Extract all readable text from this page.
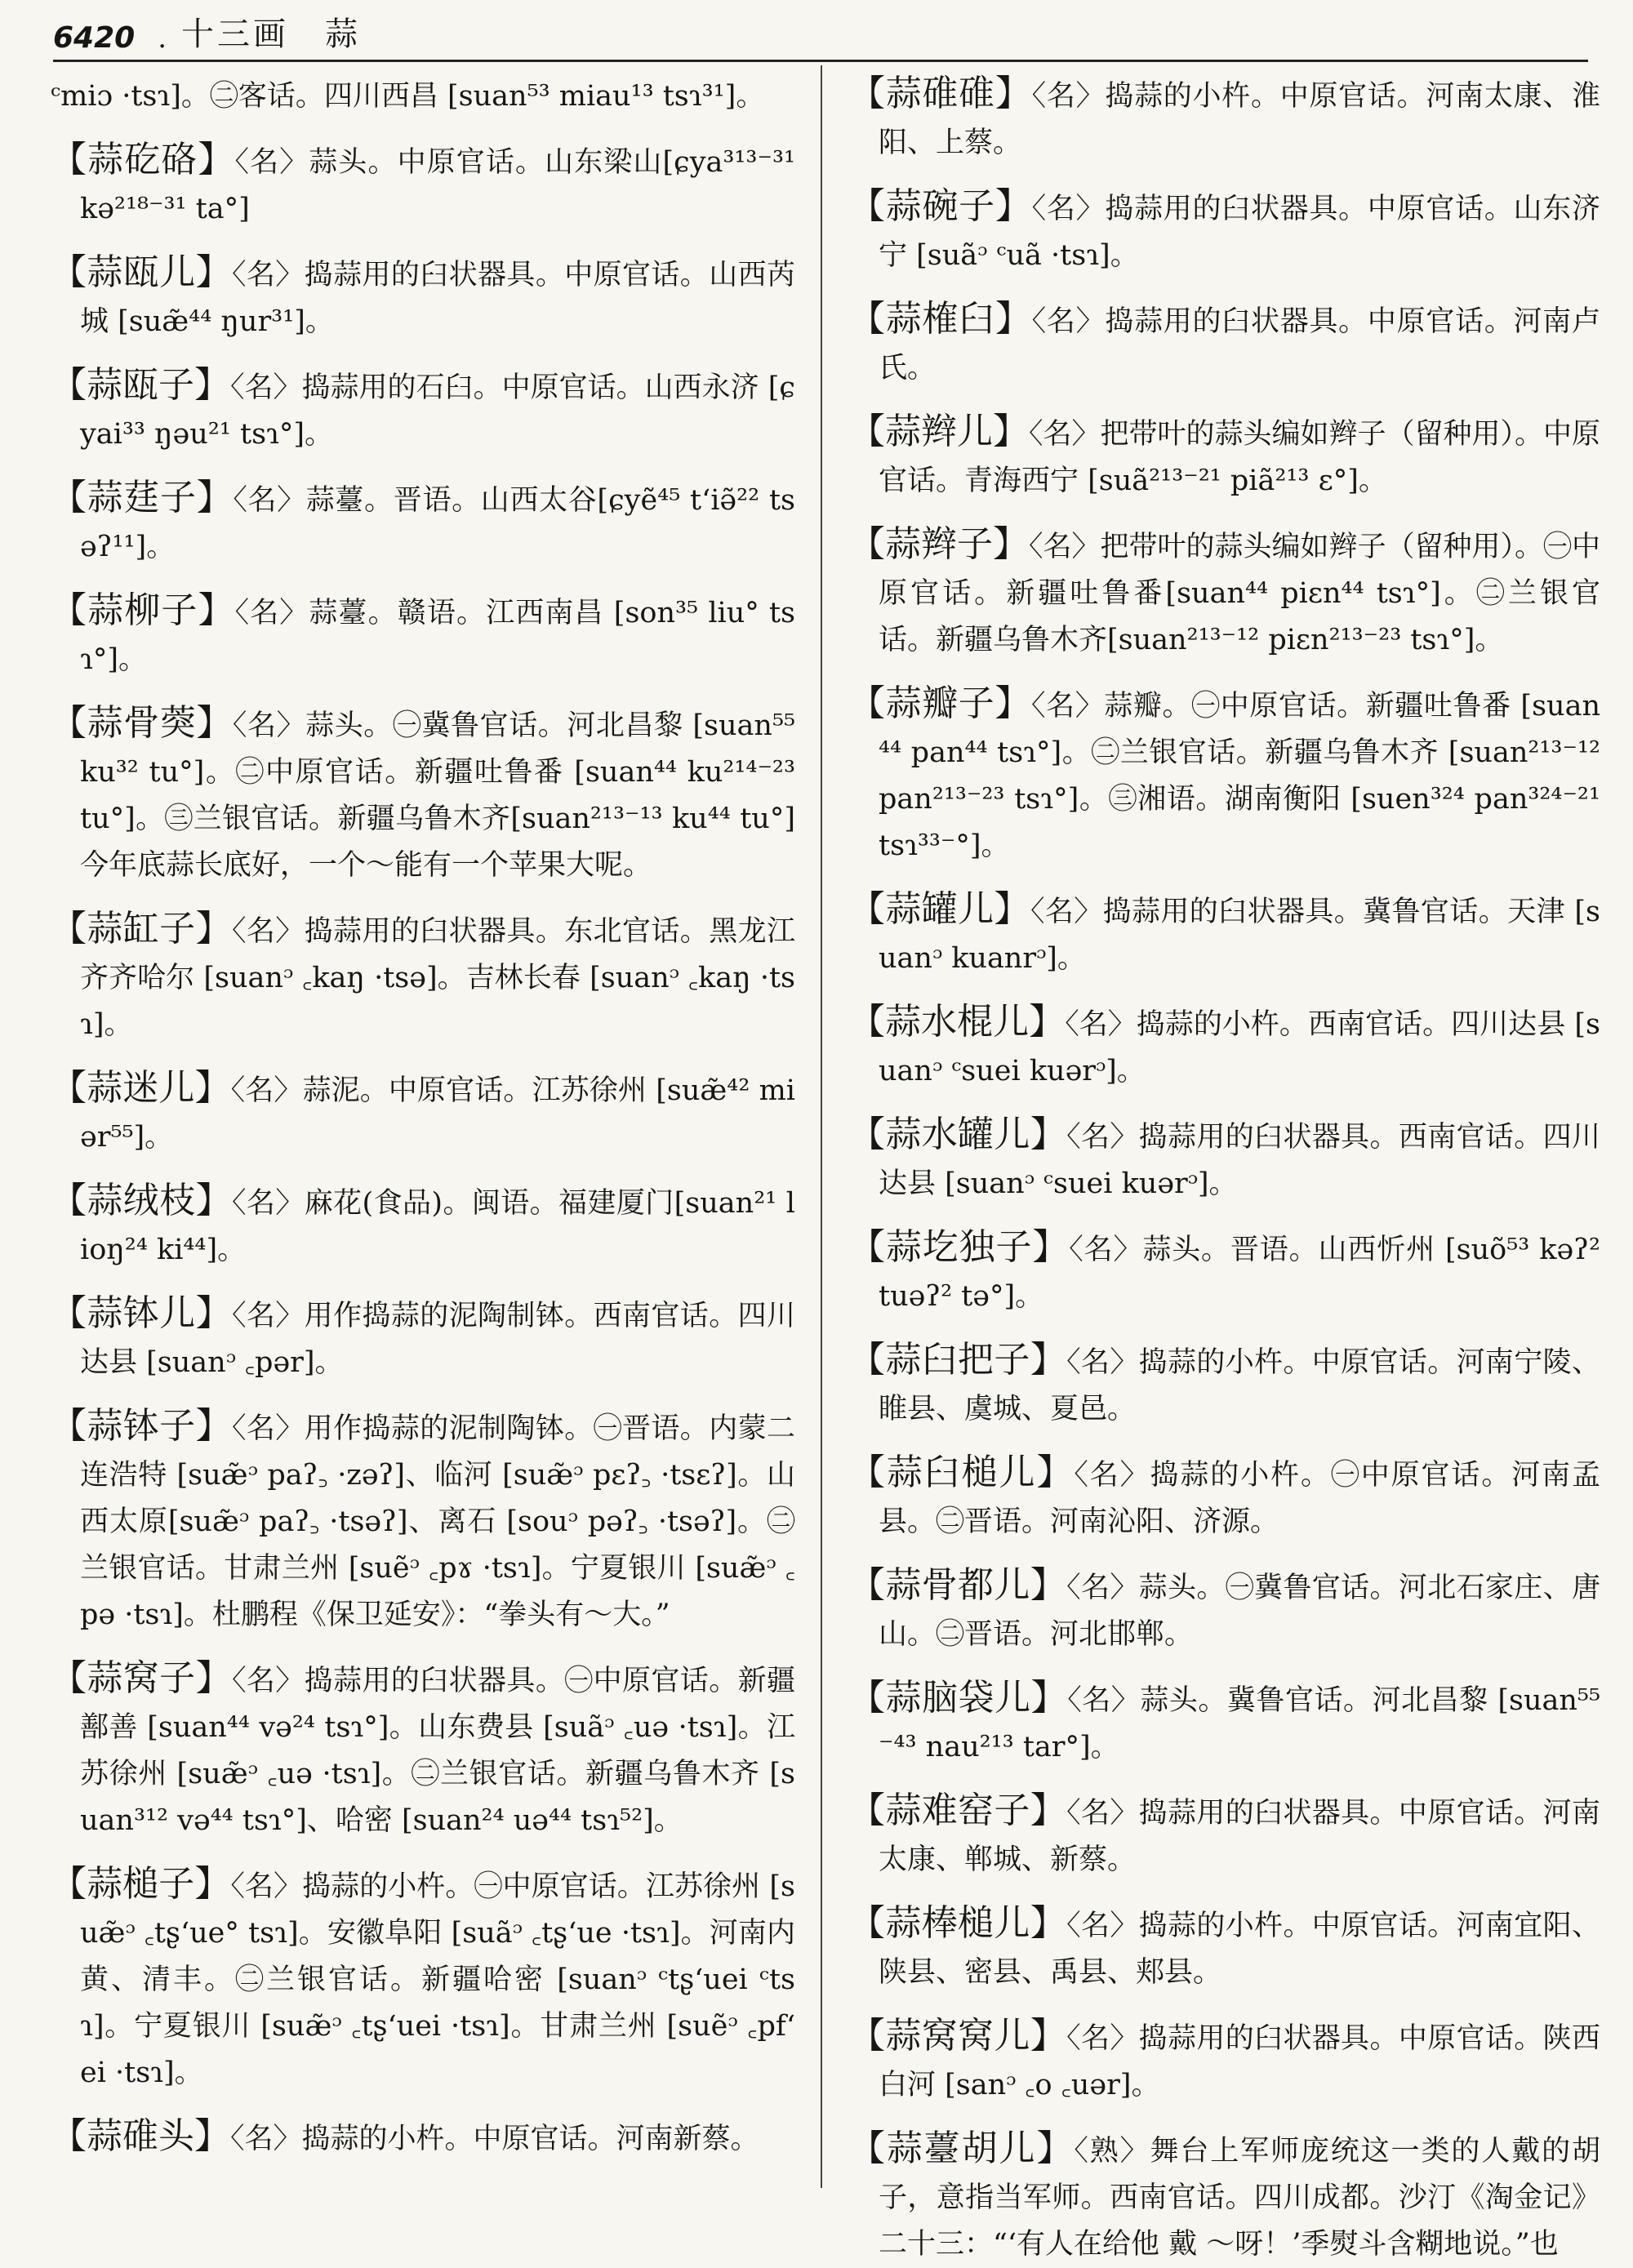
6420 . 十三画　蒜

ᶜmiɔ ·tsɿ]。㊁客话。四川西昌 [suan⁵³ miau¹³ tsɿ³¹]。

【蒜矻硌】〈名〉蒜头。中原官话。山东梁山[ɕya³¹³⁻³¹ kə²¹⁸⁻³¹ ta°]

【蒜瓯儿】〈名〉捣蒜用的臼状器具。中原官话。山西芮城 [suæ̃⁴⁴ ŋur³¹]。

【蒜瓯子】〈名〉捣蒜用的石臼。中原官话。山西永济 [ɕyai³³ ŋəu²¹ tsɿ°]。

【蒜莛子】〈名〉蒜薹。晋语。山西太谷[ɕyẽ⁴⁵ tʻiə̃²² tsəʔ¹¹]。

【蒜柳子】〈名〉蒜薹。赣语。江西南昌 [son³⁵ liu° tsɿ°]。

【蒜骨葖】〈名〉蒜头。㊀冀鲁官话。河北昌黎 [suan⁵⁵ ku³² tu°]。㊁中原官话。新疆吐鲁番 [suan⁴⁴ ku²¹⁴⁻²³ tu°]。㊂兰银官话。新疆乌鲁木齐[suan²¹³⁻¹³ ku⁴⁴ tu°]今年底蒜长底好，一个～能有一个苹果大呢。

【蒜缸子】〈名〉捣蒜用的臼状器具。东北官话。黑龙江齐齐哈尔 [suanᵓ ꜀kaŋ ·tsə]。吉林长春 [suanᵓ ꜀kaŋ ·tsɿ]。

【蒜迷儿】〈名〉蒜泥。中原官话。江苏徐州 [suæ̃⁴² miər⁵⁵]。

【蒜绒枝】〈名〉麻花(食品)。闽语。福建厦门[suan²¹ lioŋ²⁴ ki⁴⁴]。

【蒜钵儿】〈名〉用作捣蒜的泥陶制钵。西南官话。四川达县 [suanᵓ ꜀pər]。

【蒜钵子】〈名〉用作捣蒜的泥制陶钵。㊀晋语。内蒙二连浩特 [suæ̃ᵓ paʔ꜆ ·zəʔ]、临河 [suæ̃ᵓ pɛʔ꜆ ·tsɛʔ]。山西太原[suæ̃ᵓ paʔ꜆ ·tsəʔ]、离石 [souᵓ pəʔ꜆ ·tsəʔ]。㊁兰银官话。甘肃兰州 [suẽᵓ ꜀pɤ ·tsɿ]。宁夏银川 [suæ̃ᵓ ꜀pə ·tsɿ]。杜鹏程《保卫延安》：“拳头有～大。”

【蒜窝子】〈名〉捣蒜用的臼状器具。㊀中原官话。新疆鄯善 [suan⁴⁴ və²⁴ tsɿ°]。山东费县 [suãᵓ ꜀uə ·tsɿ]。江苏徐州 [suæ̃ᵓ ꜀uə ·tsɿ]。㊁兰银官话。新疆乌鲁木齐 [suan³¹² və⁴⁴ tsɿ°]、哈密 [suan²⁴ uə⁴⁴ tsɿ⁵²]。

【蒜槌子】〈名〉捣蒜的小杵。㊀中原官话。江苏徐州 [suæ̃ᵓ ꜀tʂʻue° tsɿ]。安徽阜阳 [suãᵓ ꜀tʂʻue ·tsɿ]。河南内黄、清丰。㊁兰银官话。新疆哈密 [suanᵓ ᶜtʂʻuei ᶜtsɿ]。宁夏银川 [suæ̃ᵓ ꜀tʂʻuei ·tsɿ]。甘肃兰州 [suẽᵓ ꜀pfʻei ·tsɿ]。

【蒜碓头】〈名〉捣蒜的小杵。中原官话。河南新蔡。

【蒜碓碓】〈名〉捣蒜的小杵。中原官话。河南太康、淮阳、上蔡。

【蒜碗子】〈名〉捣蒜用的臼状器具。中原官话。山东济宁 [suãᵓ ᶜuã ·tsɿ]。

【蒜榷臼】〈名〉捣蒜用的臼状器具。中原官话。河南卢氏。

【蒜辫儿】〈名〉把带叶的蒜头编如辫子（留种用）。中原官话。青海西宁 [suã²¹³⁻²¹ piã²¹³ ɛ°]。

【蒜辫子】〈名〉把带叶的蒜头编如辫子（留种用）。㊀中原官话。新疆吐鲁番[suan⁴⁴ piɛn⁴⁴ tsɿ°]。㊁兰银官话。新疆乌鲁木齐[suan²¹³⁻¹² piɛn²¹³⁻²³ tsɿ°]。

【蒜瓣子】〈名〉蒜瓣。㊀中原官话。新疆吐鲁番 [suan⁴⁴ pan⁴⁴ tsɿ°]。㊁兰银官话。新疆乌鲁木齐 [suan²¹³⁻¹² pan²¹³⁻²³ tsɿ°]。㊂湘语。湖南衡阳 [suen³²⁴ pan³²⁴⁻²¹ tsɿ³³⁻°]。

【蒜罐儿】〈名〉捣蒜用的臼状器具。冀鲁官话。天津 [suanᵓ kuanrᵓ]。

【蒜水棍儿】〈名〉捣蒜的小杵。西南官话。四川达县 [suanᵓ ᶜsuei kuərᵓ]。

【蒜水罐儿】〈名〉捣蒜用的臼状器具。西南官话。四川达县 [suanᵓ ᶜsuei kuərᵓ]。

【蒜圪独子】〈名〉蒜头。晋语。山西忻州 [suõ⁵³ kəʔ² tuəʔ² tə°]。

【蒜臼把子】〈名〉捣蒜的小杵。中原官话。河南宁陵、睢县、虞城、夏邑。

【蒜臼槌儿】〈名〉捣蒜的小杵。㊀中原官话。河南孟县。㊁晋语。河南沁阳、济源。

【蒜骨都儿】〈名〉蒜头。㊀冀鲁官话。河北石家庄、唐山。㊁晋语。河北邯郸。

【蒜脑袋儿】〈名〉蒜头。冀鲁官话。河北昌黎 [suan⁵⁵⁻⁴³ nau²¹³ tar°]。

【蒜难窑子】〈名〉捣蒜用的臼状器具。中原官话。河南太康、郸城、新蔡。

【蒜棒槌儿】〈名〉捣蒜的小杵。中原官话。河南宜阳、陕县、密县、禹县、郏县。

【蒜窝窝儿】〈名〉捣蒜用的臼状器具。中原官话。陕西白河 [sanᵓ ꜀o ꜀uər]。

【蒜薹胡儿】〈熟〉舞台上军师庞统这一类的人戴的胡子，意指当军师。西南官话。四川成都。沙汀《淘金记》二十三：“‘有人在给他 戴 ～呀！’季熨斗含糊地说。”也
